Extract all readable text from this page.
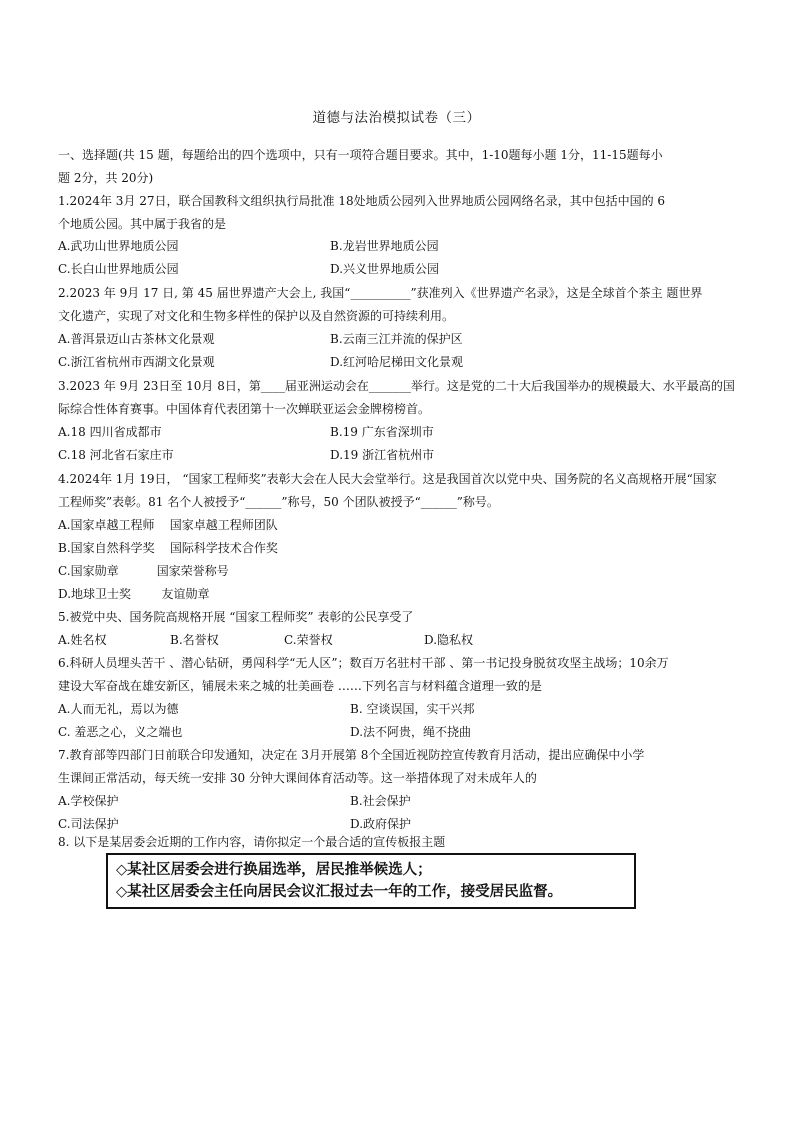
道德与法治模拟试卷（三）
一、选择题(共 15 题，每题给出的四个选项中，只有一项符合题目要求。其中，1-10题每小题 1分，11-15题每小
题 2分，共 20分)
1.2024年 3月 27日，联合国教科文组织执行局批准 18处地质公园列入世界地质公园网络名录，其中包括中国的 6
个地质公园。其中属于我省的是
A.武功山世界地质公园	B.龙岩世界地质公园
C.长白山世界地质公园	D.兴义世界地质公园
2.2023 年 9月 17 日, 第 45 届世界遗产大会上, 我国“__________”获准列入《世界遗产名录》，这是全球首个茶主 题世界
文化遗产，实现了对文化和生物多样性的保护以及自然资源的可持续利用。
A.普洱景迈山古茶林文化景观	B.云南三江并流的保护区
C.浙江省杭州市西湖文化景观	D.红河哈尼梯田文化景观
3.2023 年 9月 23日至 10月 8日，第____届亚洲运动会在_______举行。这是党的二十大后我国举办的规模最大、水平最高的国
际综合性体育赛事。中国体育代表团第十一次蝉联亚运会金牌榜榜首。
A.18 四川省成都市	B.19 广东省深圳市
C.18 河北省石家庄市	D.19 浙江省杭州市
4.2024年 1月 19日， “国家工程师奖”表彰大会在人民大会堂举行。这是我国首次以党中央、国务院的名义高规格开展“国家
工程师奖”表彰。81 名个人被授予“______”称号，50 个团队被授予“______”称号。
A.国家卓越工程师    国家卓越工程师团队
B.国家自然科学奖    国际科学技术合作奖
C.国家勋章          国家荣誉称号
D.地球卫士奖        友谊勋章
5.被党中央、国务院高规格开展 “国家工程师奖” 表彰的公民享受了
A.姓名权	B.名誉权	C.荣誉权	D.隐私权
6.科研人员埋头苦干 、潜心钻研，勇闯科学“无人区”；数百万名驻村干部 、第一书记投身脱贫攻坚主战场；10余万
建设大军奋战在雄安新区，铺展未来之城的壮美画卷 ……下列名言与材料蕴含道理一致的是
A.人而无礼，焉以为德	B. 空谈误国，实干兴邦
C. 羞恶之心，义之端也	D.法不阿贵，绳不挠曲
7.教育部等四部门日前联合印发通知，决定在 3月开展第 8个全国近视防控宣传教育月活动，提出应确保中小学
生课间正常活动，每天统一安排 30 分钟大课间体育活动等。这一举措体现了对未成年人的
A.学校保护	B.社会保护
C.司法保护	D.政府保护
8. 以下是某居委会近期的工作内容，请你拟定一个最合适的宣传板报主题
◇某社区居委会进行换届选举，居民推举候选人；
◇某社区居委会主任向居民会议汇报过去一年的工作，接受居民监督。
